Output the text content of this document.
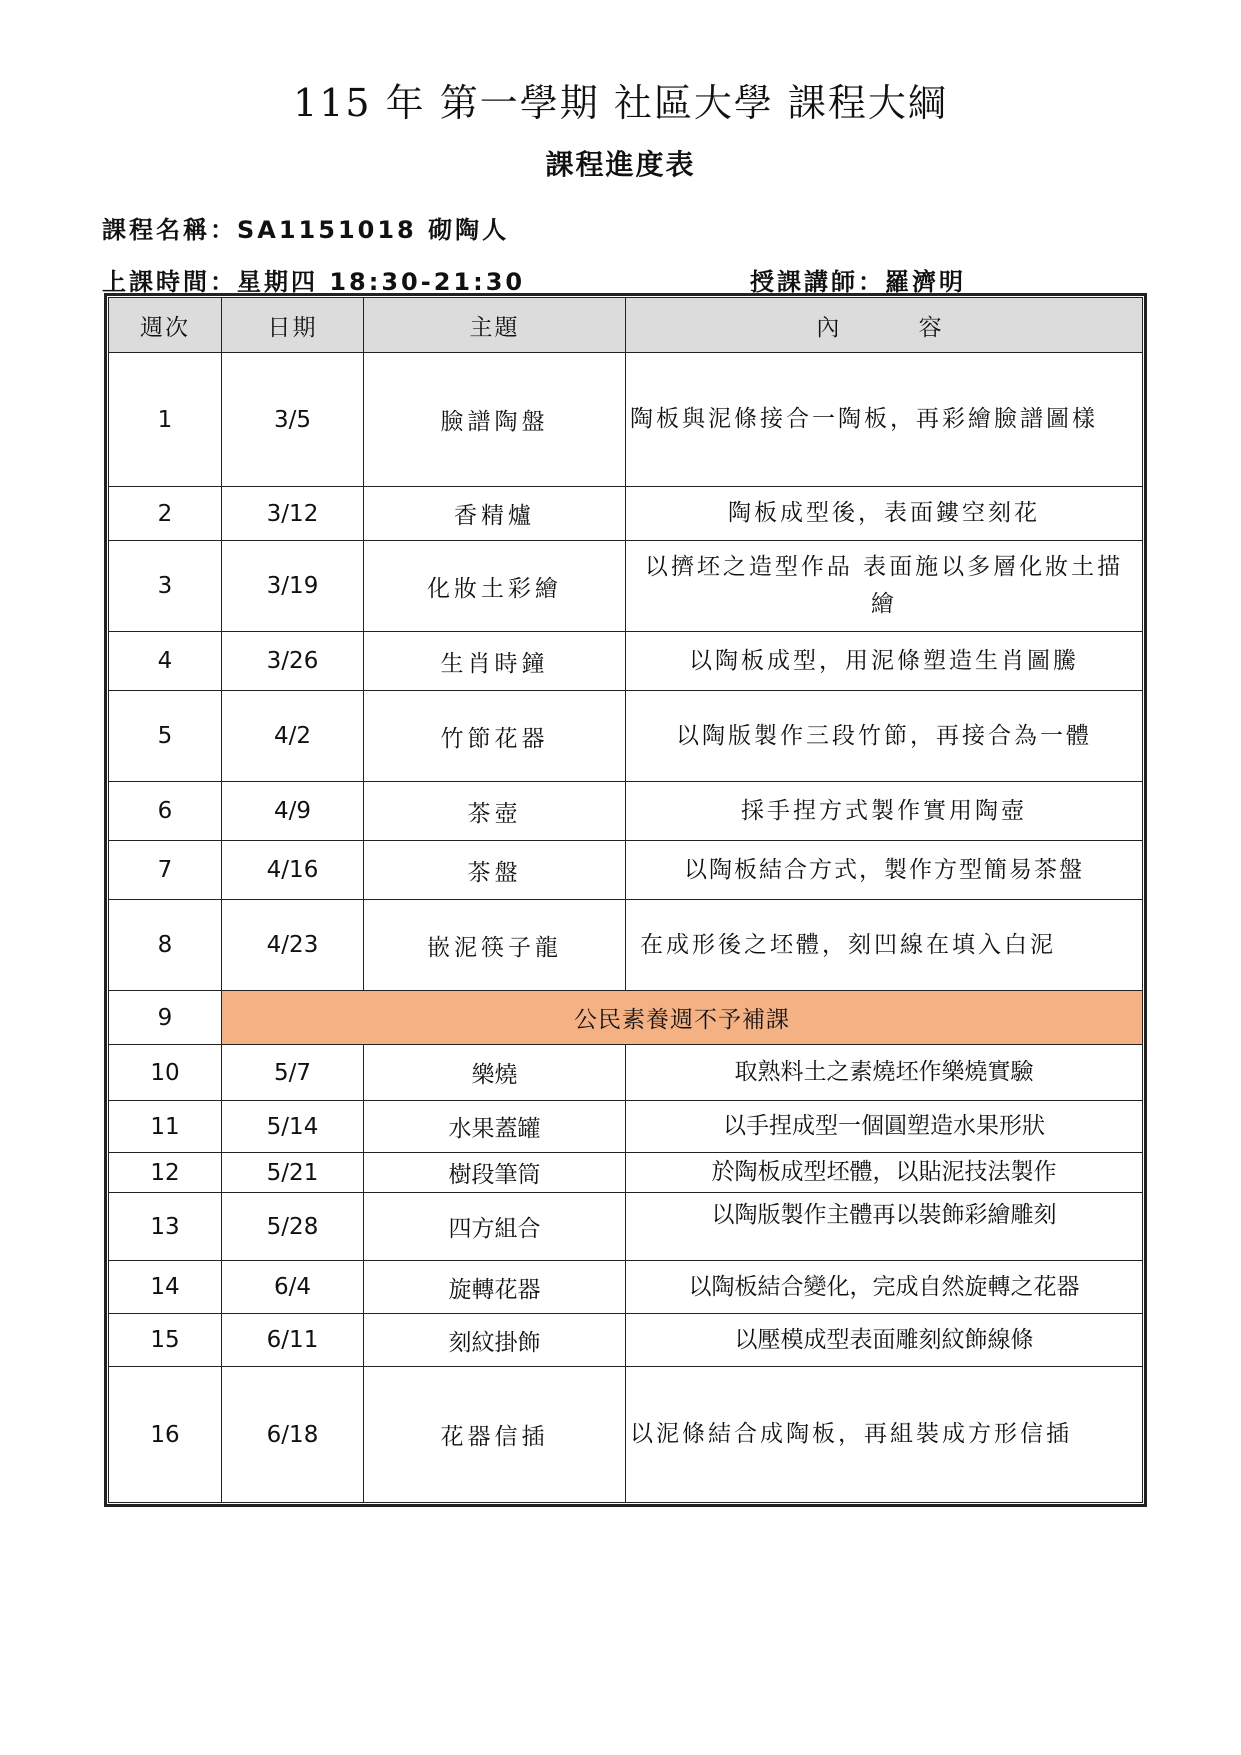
115 年 第一學期 社區大學 課程大綱
課程進度表
課程名稱：SA1151018 砌陶人
上課時間：星期四 18:30-21:30	授課講師：羅濟明
週次	日期	主題	內    容
1	3/5	臉譜陶盤	陶板與泥條接合一陶板，再彩繪臉譜圖樣
2	3/12	香精爐	陶板成型後，表面鏤空刻花
3	3/19	化妝土彩繪	以擠坯之造型作品 表面施以多層化妝土描繪
4	3/26	生肖時鐘	以陶板成型，用泥條塑造生肖圖騰
5	4/2	竹節花器	以陶版製作三段竹節，再接合為一體
6	4/9	茶壺	採手捏方式製作實用陶壺
7	4/16	茶盤	以陶板結合方式，製作方型簡易茶盤
8	4/23	嵌泥筷子龍	在成形後之坯體，刻凹線在填入白泥
9	公民素養週不予補課		
10	5/7	樂燒	取熟料土之素燒坯作樂燒實驗
11	5/14	水果蓋罐	以手捏成型一個圓塑造水果形狀
12	5/21	樹段筆筒	於陶板成型坯體，以貼泥技法製作
13	5/28	四方組合	以陶版製作主體再以裝飾彩繪雕刻
14	6/4	旋轉花器	以陶板結合變化，完成自然旋轉之花器
15	6/11	刻紋掛飾	以壓模成型表面雕刻紋飾線條
16	6/18	花器信插	以泥條結合成陶板，再組裝成方形信插
